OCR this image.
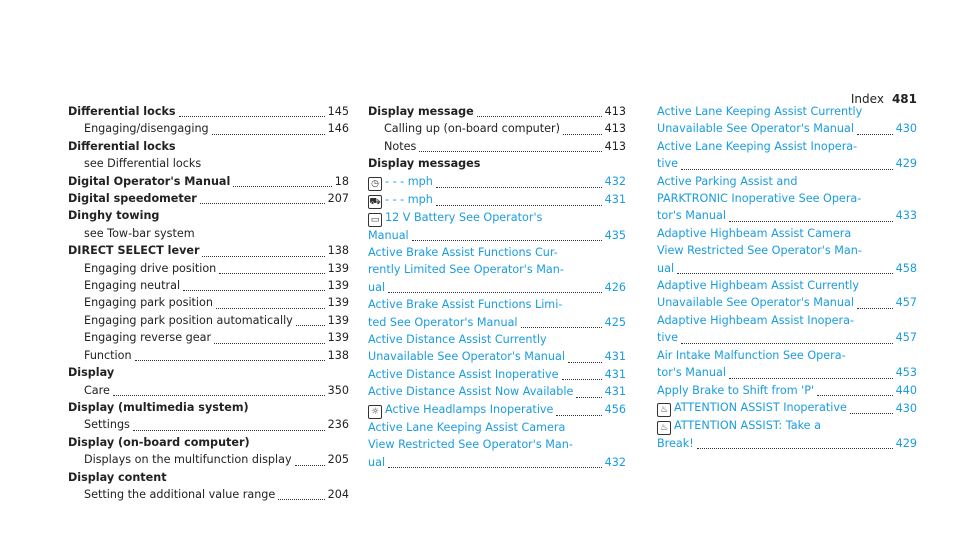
Index 481
Differential locks	145
Engaging/disengaging	146
Differential locks
see Differential locks
Digital Operator's Manual	18
Digital speedometer	207
Dinghy towing
see Tow-bar system
DIRECT SELECT lever	138
Engaging drive position	139
Engaging neutral	139
Engaging park position	139
Engaging park position automatically	139
Engaging reverse gear	139
Function	138
Display
Care	350
Display (multimedia system)
Settings	236
Display (on-board computer)
Displays on the multifunction display	205
Display content
Setting the additional value range	204
Display message	413
Calling up (on-board computer)	413
Notes	413
Display messages
◷ - - - mph	432
⛟ - - - mph	431
▭ 12 V Battery See Operator's
Manual	435
Active Brake Assist Functions Cur-
rently Limited See Operator's Man-
ual	426
Active Brake Assist Functions Limi-
ted See Operator's Manual	425
Active Distance Assist Currently
Unavailable See Operator's Manual	431
Active Distance Assist Inoperative	431
Active Distance Assist Now Available	431
☼ Active Headlamps Inoperative	456
Active Lane Keeping Assist Camera
View Restricted See Operator's Man-
ual	432
Active Lane Keeping Assist Currently
Unavailable See Operator's Manual	430
Active Lane Keeping Assist Inopera-
tive	429
Active Parking Assist and
PARKTRONIC Inoperative See Opera-
tor's Manual	433
Adaptive Highbeam Assist Camera
View Restricted See Operator's Man-
ual	458
Adaptive Highbeam Assist Currently
Unavailable See Operator's Manual	457
Adaptive Highbeam Assist Inopera-
tive	457
Air Intake Malfunction See Opera-
tor's Manual	453
Apply Brake to Shift from 'P'	440
♨ ATTENTION ASSIST Inoperative	430
♨ ATTENTION ASSIST: Take a
Break!	429
